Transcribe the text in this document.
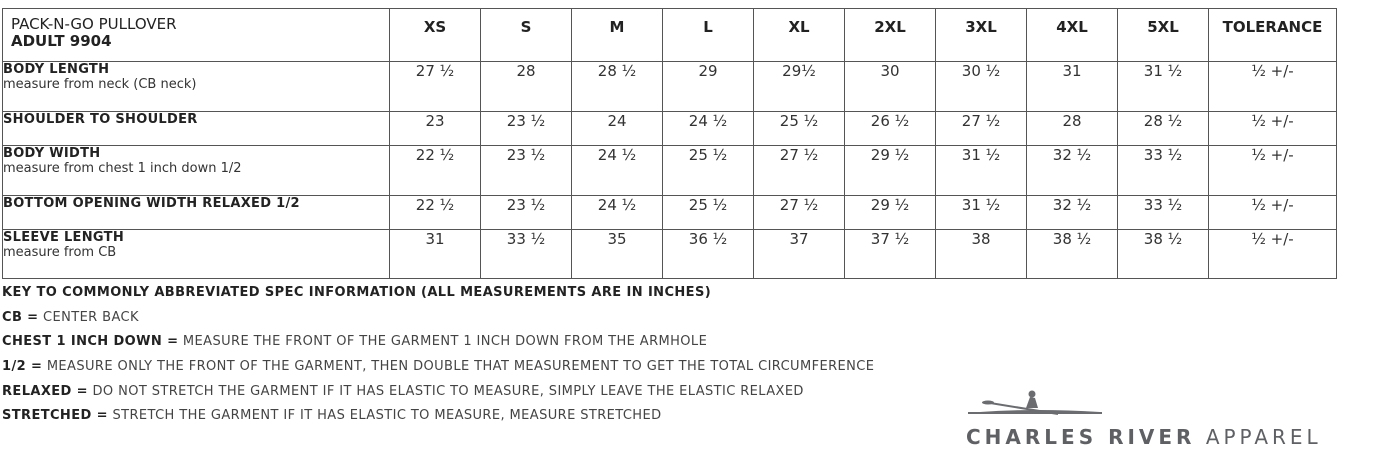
PACK-N-GO PULLOVER
ADULT 9904	XS	S	M	L	XL	2XL	3XL	4XL	5XL	TOLERANCE

BODY LENGTH
measure from neck (CB neck)	27 ½	28	28 ½	29	29½	30	30 ½	31	31 ½	½ +/-

SHOULDER TO SHOULDER	23	23 ½	24	24 ½	25 ½	26 ½	27 ½	28	28 ½	½ +/-

BODY WIDTH
measure from chest 1 inch down 1/2	22 ½	23 ½	24 ½	25 ½	27 ½	29 ½	31 ½	32 ½	33 ½	½ +/-

BOTTOM OPENING WIDTH RELAXED 1/2	22 ½	23 ½	24 ½	25 ½	27 ½	29 ½	31 ½	32 ½	33 ½	½ +/-

SLEEVE LENGTH
measure from CB	31	33 ½	35	36 ½	37	37 ½	38	38 ½	38 ½	½ +/-
KEY TO COMMONLY ABBREVIATED SPEC INFORMATION (ALL MEASUREMENTS ARE IN INCHES)
CB = CENTER BACK
CHEST 1 INCH DOWN = MEASURE THE FRONT OF THE GARMENT 1 INCH DOWN FROM THE ARMHOLE
1/2 = MEASURE ONLY THE FRONT OF THE GARMENT, THEN DOUBLE THAT MEASUREMENT TO GET THE TOTAL CIRCUMFERENCE
RELAXED = DO NOT STRETCH THE GARMENT IF IT HAS ELASTIC TO MEASURE, SIMPLY LEAVE THE ELASTIC RELAXED
STRETCHED = STRETCH THE GARMENT IF IT HAS ELASTIC TO MEASURE, MEASURE STRETCHED
CHARLES RIVER APPAREL
